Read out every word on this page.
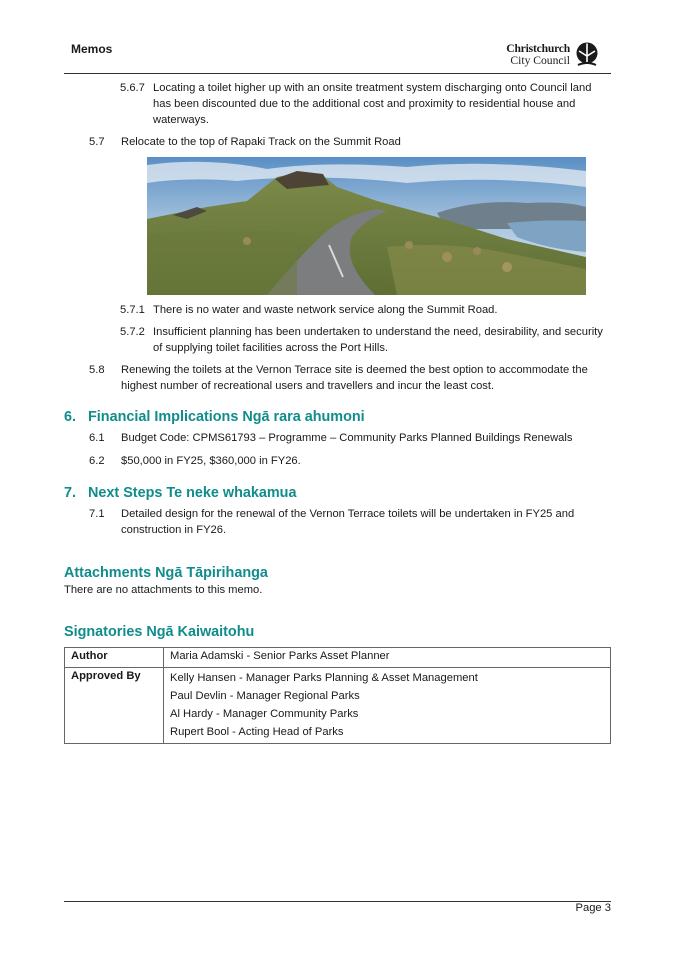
Memos	Christchurch
City Council
5.6.7 Locating a toilet higher up with an onsite treatment system discharging onto Council land has been discounted due to the additional cost and proximity to residential house and waterways.
5.7	Relocate to the top of Rapaki Track on the Summit Road
5.7.1 There is no water and waste network service along the Summit Road.
5.7.2 Insufficient planning has been undertaken to understand the need, desirability, and security of supplying toilet facilities across the Port Hills.
5.8	Renewing the toilets at the Vernon Terrace site is deemed the best option to accommodate the highest number of recreational users and travellers and incur the least cost.
6. Financial Implications Ngā rara ahumoni
6.1	Budget Code: CPMS61793 – Programme – Community Parks Planned Buildings Renewals
6.2	$50,000 in FY25, $360,000 in FY26.
7. Next Steps Te neke whakamua
7.1	Detailed design for the renewal of the Vernon Terrace toilets will be undertaken in FY25 and construction in FY26.
Attachments Ngā Tāpirihanga
There are no attachments to this memo.
Signatories Ngā Kaiwaitohu
Author	Maria Adamski - Senior Parks Asset Planner
Approved By	Kelly Hansen - Manager Parks Planning & Asset Management
Paul Devlin - Manager Regional Parks
Al Hardy - Manager Community Parks
Rupert Bool - Acting Head of Parks
Page 3
